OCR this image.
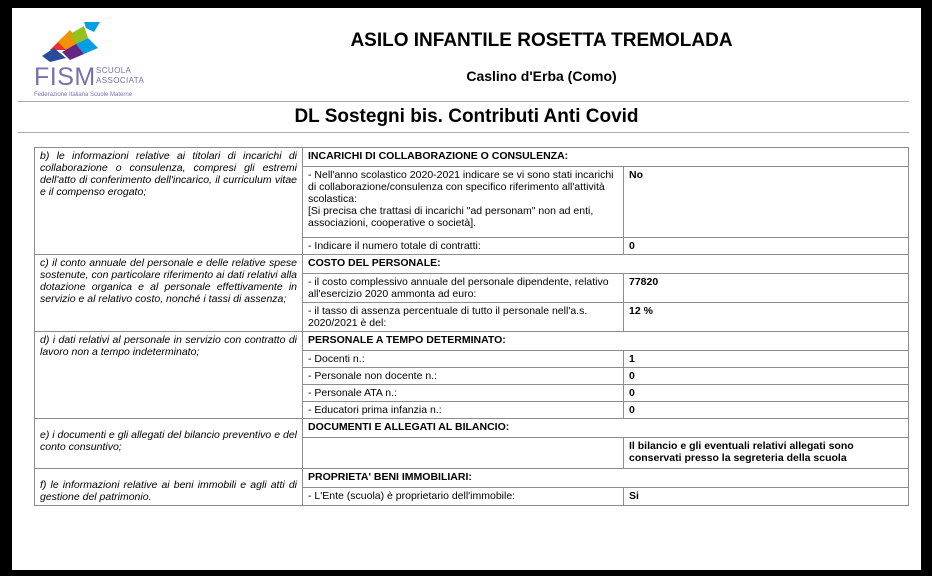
FISM SCUOLA
ASSOCIATA
Federazione Italiana Scuole Materne
ASILO INFANTILE ROSETTA TREMOLADA
Caslino d'Erba (Como)
DL Sostegni bis. Contributi Anti Covid
b) le informazioni relative ai titolari di incarichi di collaborazione o consulenza, compresi gli estremi dell'atto di conferimento dell'incarico, il curriculum vitae e il compenso erogato;	INCARICHI DI COLLABORAZIONE O CONSULENZA:	
	- Nell'anno scolastico 2020-2021 indicare se vi sono stati incarichi di collaborazione/consulenza con specifico riferimento all'attività scolastica:
[Si precisa che trattasi di incarichi "ad personam" non ad enti, associazioni, cooperative o società].	No
	- Indicare il numero totale di contratti:	0
c) il conto annuale del personale e delle relative spese sostenute, con particolare riferimento ai dati relativi alla dotazione organica e al personale effettivamente in servizio e al relativo costo, nonché i tassi di assenza;	COSTO DEL PERSONALE:	
	- il costo complessivo annuale del personale dipendente, relativo all'esercizio 2020 ammonta ad euro:	77820
	- il tasso di assenza percentuale di tutto il personale nell'a.s. 2020/2021 è del:	12 %
d) i dati relativi al personale in servizio con contratto di lavoro non a tempo indeterminato;	PERSONALE A TEMPO DETERMINATO:	
	- Docenti n.:	1
	- Personale non docente n.:	0
	- Personale ATA n.:	0
	- Educatori prima infanzia n.:	0
e) i documenti e gli allegati del bilancio preventivo e del conto consuntivo;	DOCUMENTI E ALLEGATI AL BILANCIO:	
		Il bilancio e gli eventuali relativi allegati sono conservati presso la segreteria della scuola
f) le informazioni relative ai beni immobili e agli atti di gestione del patrimonio.	PROPRIETA' BENI IMMOBILIARI:	
	- L'Ente (scuola) è proprietario dell'immobile:	Si
